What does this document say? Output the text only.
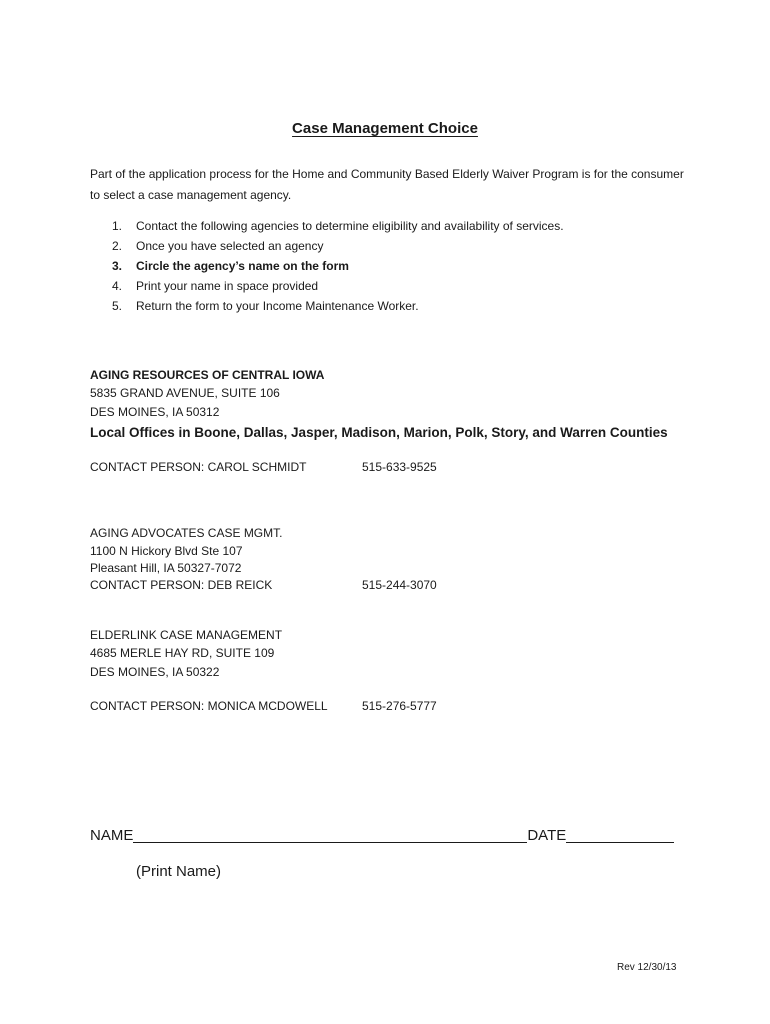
Case Management Choice
Part of the application process for the Home and Community Based Elderly Waiver Program is for the consumer to select a case management agency.
1.	Contact the following agencies to determine eligibility and availability of services.
2.	Once you have selected an agency
3.	Circle the agency’s name on the form
4.	Print your name in space provided
5.	Return the form to your Income Maintenance Worker.
AGING RESOURCES OF CENTRAL IOWA
5835 GRAND AVENUE, SUITE 106
DES MOINES, IA 50312
Local Offices in Boone, Dallas, Jasper, Madison, Marion, Polk, Story, and Warren Counties
CONTACT PERSON: CAROL SCHMIDT	515-633-9525
AGING ADVOCATES CASE MGMT.
1100 N Hickory Blvd Ste 107
Pleasant Hill, IA 50327-7072
CONTACT PERSON: DEB REICK	515-244-3070
ELDERLINK CASE MANAGEMENT
4685 MERLE HAY RD, SUITE 109
DES MOINES, IA 50322
CONTACT PERSON: MONICA MCDOWELL	515-276-5777
NAME	DATE
(Print Name)
Rev 12/30/13
